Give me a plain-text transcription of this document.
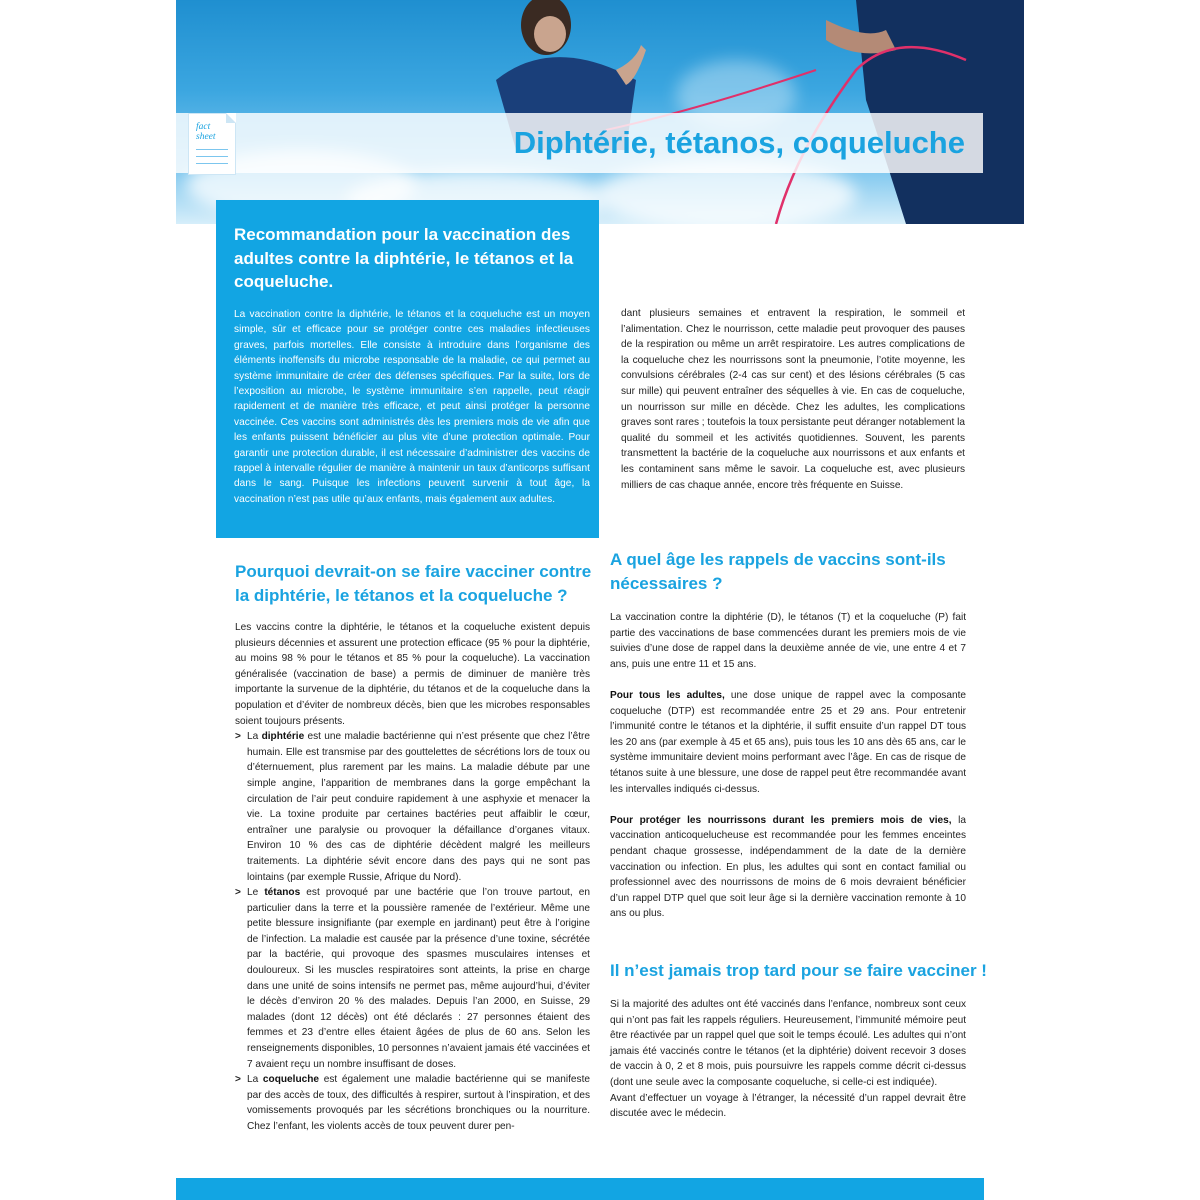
fact
sheet	Diphtérie, tétanos, coqueluche
Recommandation pour la vaccination des adultes contre la diphtérie, le tétanos et la coqueluche.

La vaccination contre la diphtérie, le tétanos et la coqueluche est un moyen simple, sûr et efficace pour se protéger contre ces maladies infectieuses graves, parfois mortelles. Elle consiste à introduire dans l’organisme des éléments inoffensifs du microbe responsable de la maladie, ce qui permet au système immunitaire de créer des défenses spécifiques. Par la suite, lors de l’exposition au microbe, le système immunitaire s’en rappelle, peut réagir rapidement et de manière très efficace, et peut ainsi protéger la personne vaccinée. Ces vaccins sont administrés dès les premiers mois de vie afin que les enfants puissent bénéficier au plus vite d’une protection optimale. Pour garantir une protection durable, il est nécessaire d’administrer des vaccins de rappel à intervalle régulier de manière à maintenir un taux d’anticorps suffisant dans le sang. Puisque les infections peuvent survenir à tout âge, la vaccination n’est pas utile qu’aux enfants, mais également aux adultes.

dant plusieurs semaines et entravent la respiration, le sommeil et l’alimentation. Chez le nourrisson, cette maladie peut provoquer des pauses de la respiration ou même un arrêt respiratoire. Les autres complications de la coqueluche chez les nourrissons sont la pneumonie, l’otite moyenne, les convulsions cérébrales (2-4 cas sur cent) et des lésions cérébrales (5 cas sur mille) qui peuvent entraîner des séquelles à vie. En cas de coqueluche, un nourrisson sur mille en décède. Chez les adultes, les complications graves sont rares ; toutefois la toux persistante peut déranger notablement la qualité du sommeil et les activités quotidiennes. Souvent, les parents transmettent la bactérie de la coqueluche aux nourrissons et aux enfants et les contaminent sans même le savoir. La coqueluche est, avec plusieurs milliers de cas chaque année, encore très fréquente en Suisse.

Pourquoi devrait-on se faire vacciner contre la diphtérie, le tétanos et la coqueluche ?

Les vaccins contre la diphtérie, le tétanos et la coqueluche existent depuis plusieurs décennies et assurent une protection efficace (95 % pour la diphtérie, au moins 98 % pour le tétanos et 85 % pour la coqueluche). La vaccination généralisée (vaccination de base) a permis de diminuer de manière très importante la survenue de la diphtérie, du tétanos et de la coqueluche dans la population et d’éviter de nombreux décès, bien que les microbes responsables soient toujours présents.

> La diphtérie est une maladie bactérienne qui n’est présente que chez l’être humain. Elle est transmise par des gouttelettes de sécrétions lors de toux ou d’éternuement, plus rarement par les mains. La maladie débute par une simple angine, l’apparition de membranes dans la gorge empêchant la circulation de l’air peut conduire rapidement à une asphyxie et menacer la vie. La toxine produite par certaines bactéries peut affaiblir le cœur, entraîner une paralysie ou provoquer la défaillance d’organes vitaux. Environ 10 % des cas de diphtérie décèdent malgré les meilleurs traitements. La diphtérie sévit encore dans des pays qui ne sont pas lointains (par exemple Russie, Afrique du Nord).
> Le tétanos est provoqué par une bactérie que l’on trouve partout, en particulier dans la terre et la poussière ramenée de l’extérieur. Même une petite blessure insignifiante (par exemple en jardinant) peut être à l’origine de l’infection. La maladie est causée par la présence d’une toxine, sécrétée par la bactérie, qui provoque des spasmes musculaires intenses et douloureux. Si les muscles respiratoires sont atteints, la prise en charge dans une unité de soins intensifs ne permet pas, même aujourd’hui, d’éviter le décès d’environ 20 % des malades. Depuis l’an 2000, en Suisse, 29 malades (dont 12 décès) ont été déclarés : 27 personnes étaient des femmes et 23 d’entre elles étaient âgées de plus de 60 ans. Selon les renseignements disponibles, 10 personnes n’avaient jamais été vaccinées et 7 avaient reçu un nombre insuffisant de doses.
> La coqueluche est également une maladie bactérienne qui se manifeste par des accès de toux, des difficultés à respirer, surtout à l’inspiration, et des vomissements provoqués par les sécrétions bronchiques ou la nourriture. Chez l’enfant, les violents accès de toux peuvent durer pen-
A quel âge les rappels de vaccins sont-ils nécessaires ?

La vaccination contre la diphtérie (D), le tétanos (T) et la coqueluche (P) fait partie des vaccinations de base commencées durant les premiers mois de vie suivies d’une dose de rappel dans la deuxième année de vie, une entre 4 et 7 ans, puis une entre 11 et 15 ans.

Pour tous les adultes, une dose unique de rappel avec la composante coqueluche (DTP) est recommandée entre 25 et 29 ans. Pour entretenir l’immunité contre le tétanos et la diphtérie, il suffit ensuite d’un rappel DT tous les 20 ans (par exemple à 45 et 65 ans), puis tous les 10 ans dès 65 ans, car le système immunitaire devient moins performant avec l’âge. En cas de risque de tétanos suite à une blessure, une dose de rappel peut être recommandée avant les intervalles indiqués ci-dessus.

Pour protéger les nourrissons durant les premiers mois de vies, la vaccination anticoquelucheuse est recommandée pour les femmes enceintes pendant chaque grossesse, indépendamment de la date de la dernière vaccination ou infection. En plus, les adultes qui sont en contact familial ou professionnel avec des nourrissons de moins de 6 mois devraient bénéficier d’un rappel DTP quel que soit leur âge si la dernière vaccination remonte à 10 ans ou plus.

Il n’est jamais trop tard pour se faire vacciner !

Si la majorité des adultes ont été vaccinés dans l’enfance, nombreux sont ceux qui n’ont pas fait les rappels réguliers. Heureusement, l’immunité mémoire peut être réactivée par un rappel quel que soit le temps écoulé. Les adultes qui n’ont jamais été vaccinés contre le tétanos (et la diphtérie) doivent recevoir 3 doses de vaccin à 0, 2 et 8 mois, puis poursuivre les rappels comme décrit ci-dessus (dont une seule avec la composante coqueluche, si celle-ci est indiquée).

Avant d’effectuer un voyage à l’étranger, la nécessité d’un rappel devrait être discutée avec le médecin.
